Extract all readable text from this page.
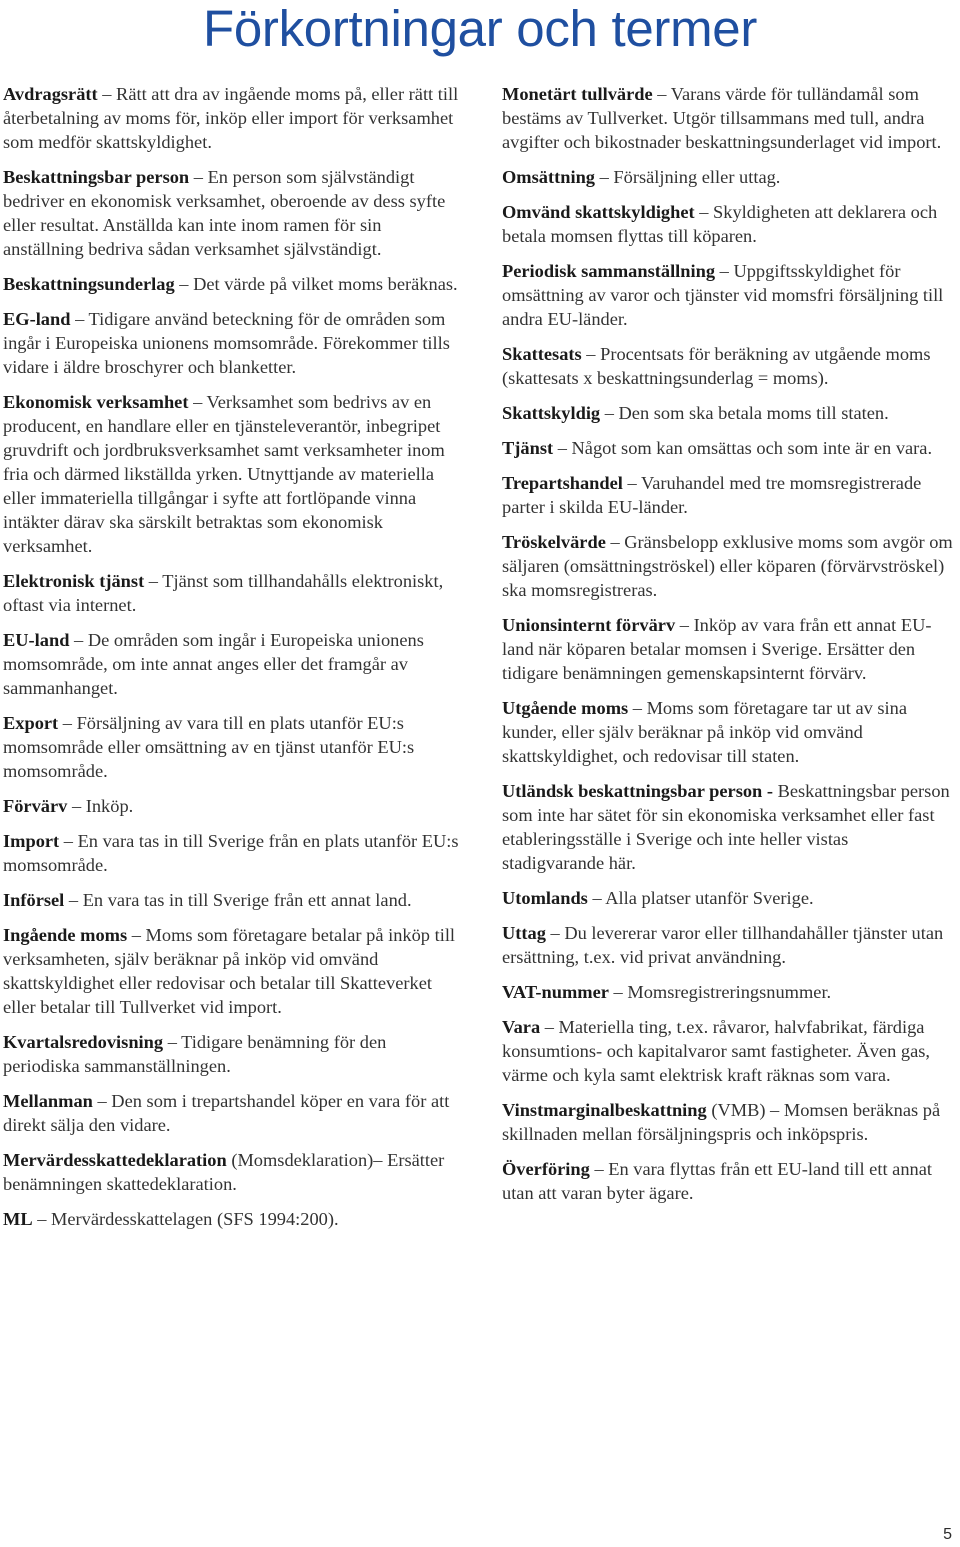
Förkortningar och termer

Avdragsrätt – Rätt att dra av ingående moms på, eller rätt till återbetalning av moms för, inköp eller import för verksamhet som medför skattskyldighet.

Beskattningsbar person – En person som självständigt bedriver en ekonomisk verksamhet, oberoende av dess syfte eller resultat. Anställda kan inte inom ramen för sin anställning bedriva sådan verksamhet självständigt.

Beskattningsunderlag – Det värde på vilket moms beräknas.

EG-land – Tidigare använd beteckning för de områden som ingår i Europeiska unionens momsområde. Förekommer tills vidare i äldre broschyrer och blanketter.

Ekonomisk verksamhet – Verksamhet som bedrivs av en producent, en handlare eller en tjänsteleverantör, inbegripet gruvdrift och jordbruksverksamhet samt verksamheter inom fria och därmed likställda yrken. Utnyttjande av materiella eller immateriella tillgångar i syfte att fortlöpande vinna intäkter därav ska särskilt betraktas som ekonomisk verksamhet.

Elektronisk tjänst – Tjänst som tillhandahålls elektroniskt, oftast via internet.

EU-land – De områden som ingår i Europeiska unionens momsområde, om inte annat anges eller det framgår av sammanhanget.

Export – Försäljning av vara till en plats utanför EU:s momsområde eller omsättning av en tjänst utanför EU:s momsområde.

Förvärv – Inköp.

Import – En vara tas in till Sverige från en plats utanför EU:s momsområde.

Införsel – En vara tas in till Sverige från ett annat land.

Ingående moms – Moms som företagare betalar på inköp till verksamheten, själv beräknar på inköp vid omvänd skattskyldighet eller redovisar och betalar till Skatteverket eller betalar till Tullverket vid import.

Kvartalsredovisning – Tidigare benämning för den periodiska sammanställningen.

Mellanman – Den som i trepartshandel köper en vara för att direkt sälja den vidare.

Mervärdesskattedeklaration (Momsdeklaration)– Ersätter benämningen skattedeklaration.

ML – Mervärdesskattelagen (SFS 1994:200).

Monetärt tullvärde – Varans värde för tulländamål som bestäms av Tullverket. Utgör tillsammans med tull, andra avgifter och bikostnader beskattningsunderlaget vid import.

Omsättning – Försäljning eller uttag.

Omvänd skattskyldighet – Skyldigheten att deklarera och betala momsen flyttas till köparen.

Periodisk sammanställning – Uppgiftsskyldighet för omsättning av varor och tjänster vid momsfri försäljning till andra EU-länder.

Skattesats – Procentsats för beräkning av utgående moms (skattesats x beskattningsunderlag = moms).

Skattskyldig – Den som ska betala moms till staten.

Tjänst – Något som kan omsättas och som inte är en vara.

Trepartshandel – Varuhandel med tre momsregistrerade parter i skilda EU-länder.

Tröskelvärde – Gränsbelopp exklusive moms som avgör om säljaren (omsättningströskel) eller köparen (förvärvströskel) ska momsregistreras.

Unionsinternt förvärv – Inköp av vara från ett annat EU-land när köparen betalar momsen i Sverige. Ersätter den tidigare benämningen gemenskapsinternt förvärv.

Utgående moms – Moms som företagare tar ut av sina kunder, eller själv beräknar på inköp vid omvänd skattskyldighet, och redovisar till staten.

Utländsk beskattningsbar person - Beskattningsbar person som inte har sätet för sin ekonomiska verksamhet eller fast etableringsställe i Sverige och inte heller vistas stadigvarande här.

Utomlands – Alla platser utanför Sverige.

Uttag – Du levererar varor eller tillhandahåller tjänster utan ersättning, t.ex. vid privat användning.

VAT-nummer – Momsregistreringsnummer.

Vara – Materiella ting, t.ex. råvaror, halvfabrikat, färdiga konsumtions- och kapitalvaror samt fastigheter. Även gas, värme och kyla samt elektrisk kraft räknas som vara.

Vinstmarginalbeskattning (VMB) – Momsen beräknas på skillnaden mellan försäljningspris och inköpspris.

Överföring – En vara flyttas från ett EU-land till ett annat utan att varan byter ägare.

5
